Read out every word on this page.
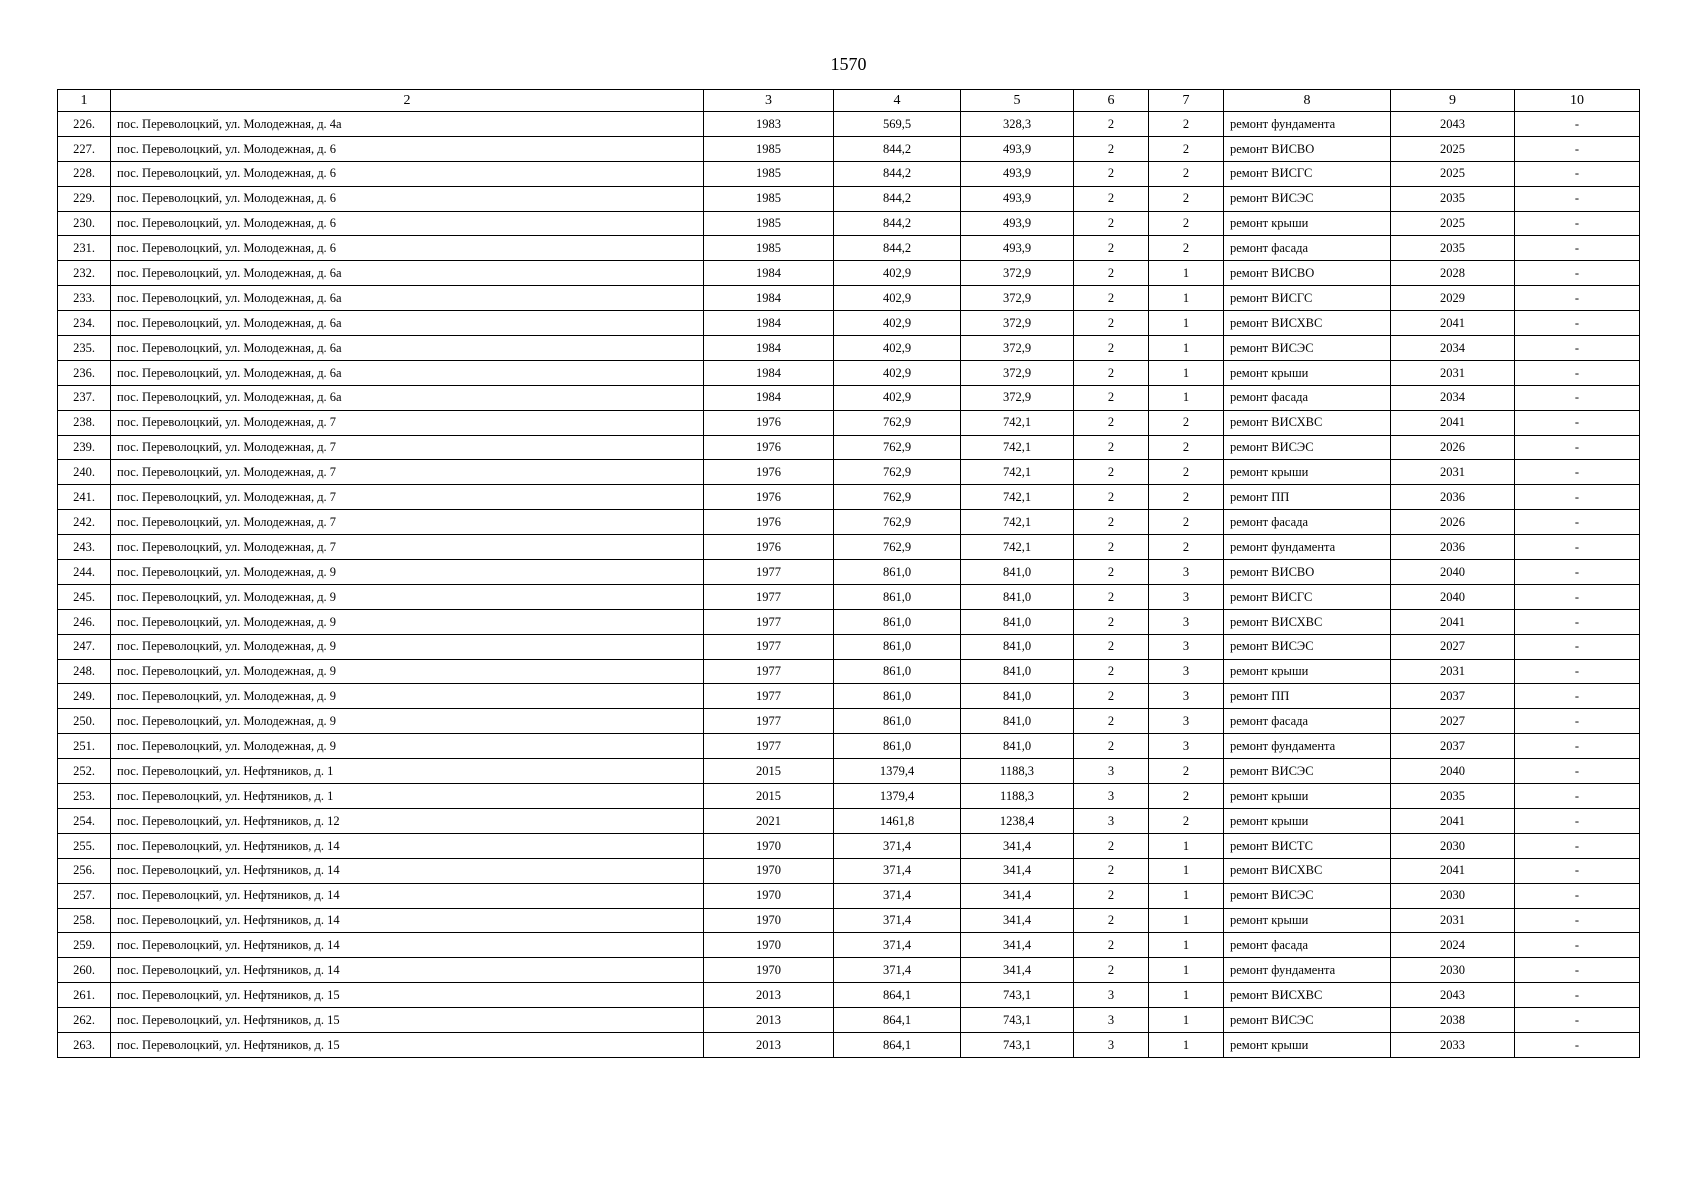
1570
1	2	3	4	5	6	7	8	9	10
226.	пос. Переволоцкий, ул. Молодежная, д. 4а	1983	569,5	328,3	2	2	ремонт фундамента	2043	-
227.	пос. Переволоцкий, ул. Молодежная, д. 6	1985	844,2	493,9	2	2	ремонт ВИСВО	2025	-
228.	пос. Переволоцкий, ул. Молодежная, д. 6	1985	844,2	493,9	2	2	ремонт ВИСГС	2025	-
229.	пос. Переволоцкий, ул. Молодежная, д. 6	1985	844,2	493,9	2	2	ремонт ВИСЭС	2035	-
230.	пос. Переволоцкий, ул. Молодежная, д. 6	1985	844,2	493,9	2	2	ремонт крыши	2025	-
231.	пос. Переволоцкий, ул. Молодежная, д. 6	1985	844,2	493,9	2	2	ремонт фасада	2035	-
232.	пос. Переволоцкий, ул. Молодежная, д. 6а	1984	402,9	372,9	2	1	ремонт ВИСВО	2028	-
233.	пос. Переволоцкий, ул. Молодежная, д. 6а	1984	402,9	372,9	2	1	ремонт ВИСГС	2029	-
234.	пос. Переволоцкий, ул. Молодежная, д. 6а	1984	402,9	372,9	2	1	ремонт ВИСХВС	2041	-
235.	пос. Переволоцкий, ул. Молодежная, д. 6а	1984	402,9	372,9	2	1	ремонт ВИСЭС	2034	-
236.	пос. Переволоцкий, ул. Молодежная, д. 6а	1984	402,9	372,9	2	1	ремонт крыши	2031	-
237.	пос. Переволоцкий, ул. Молодежная, д. 6а	1984	402,9	372,9	2	1	ремонт фасада	2034	-
238.	пос. Переволоцкий, ул. Молодежная, д. 7	1976	762,9	742,1	2	2	ремонт ВИСХВС	2041	-
239.	пос. Переволоцкий, ул. Молодежная, д. 7	1976	762,9	742,1	2	2	ремонт ВИСЭС	2026	-
240.	пос. Переволоцкий, ул. Молодежная, д. 7	1976	762,9	742,1	2	2	ремонт крыши	2031	-
241.	пос. Переволоцкий, ул. Молодежная, д. 7	1976	762,9	742,1	2	2	ремонт ПП	2036	-
242.	пос. Переволоцкий, ул. Молодежная, д. 7	1976	762,9	742,1	2	2	ремонт фасада	2026	-
243.	пос. Переволоцкий, ул. Молодежная, д. 7	1976	762,9	742,1	2	2	ремонт фундамента	2036	-
244.	пос. Переволоцкий, ул. Молодежная, д. 9	1977	861,0	841,0	2	3	ремонт ВИСВО	2040	-
245.	пос. Переволоцкий, ул. Молодежная, д. 9	1977	861,0	841,0	2	3	ремонт ВИСГС	2040	-
246.	пос. Переволоцкий, ул. Молодежная, д. 9	1977	861,0	841,0	2	3	ремонт ВИСХВС	2041	-
247.	пос. Переволоцкий, ул. Молодежная, д. 9	1977	861,0	841,0	2	3	ремонт ВИСЭС	2027	-
248.	пос. Переволоцкий, ул. Молодежная, д. 9	1977	861,0	841,0	2	3	ремонт крыши	2031	-
249.	пос. Переволоцкий, ул. Молодежная, д. 9	1977	861,0	841,0	2	3	ремонт ПП	2037	-
250.	пос. Переволоцкий, ул. Молодежная, д. 9	1977	861,0	841,0	2	3	ремонт фасада	2027	-
251.	пос. Переволоцкий, ул. Молодежная, д. 9	1977	861,0	841,0	2	3	ремонт фундамента	2037	-
252.	пос. Переволоцкий, ул. Нефтяников, д. 1	2015	1379,4	1188,3	3	2	ремонт ВИСЭС	2040	-
253.	пос. Переволоцкий, ул. Нефтяников, д. 1	2015	1379,4	1188,3	3	2	ремонт крыши	2035	-
254.	пос. Переволоцкий, ул. Нефтяников, д. 12	2021	1461,8	1238,4	3	2	ремонт крыши	2041	-
255.	пос. Переволоцкий, ул. Нефтяников, д. 14	1970	371,4	341,4	2	1	ремонт ВИСТС	2030	-
256.	пос. Переволоцкий, ул. Нефтяников, д. 14	1970	371,4	341,4	2	1	ремонт ВИСХВС	2041	-
257.	пос. Переволоцкий, ул. Нефтяников, д. 14	1970	371,4	341,4	2	1	ремонт ВИСЭС	2030	-
258.	пос. Переволоцкий, ул. Нефтяников, д. 14	1970	371,4	341,4	2	1	ремонт крыши	2031	-
259.	пос. Переволоцкий, ул. Нефтяников, д. 14	1970	371,4	341,4	2	1	ремонт фасада	2024	-
260.	пос. Переволоцкий, ул. Нефтяников, д. 14	1970	371,4	341,4	2	1	ремонт фундамента	2030	-
261.	пос. Переволоцкий, ул. Нефтяников, д. 15	2013	864,1	743,1	3	1	ремонт ВИСХВС	2043	-
262.	пос. Переволоцкий, ул. Нефтяников, д. 15	2013	864,1	743,1	3	1	ремонт ВИСЭС	2038	-
263.	пос. Переволоцкий, ул. Нефтяников, д. 15	2013	864,1	743,1	3	1	ремонт крыши	2033	-
